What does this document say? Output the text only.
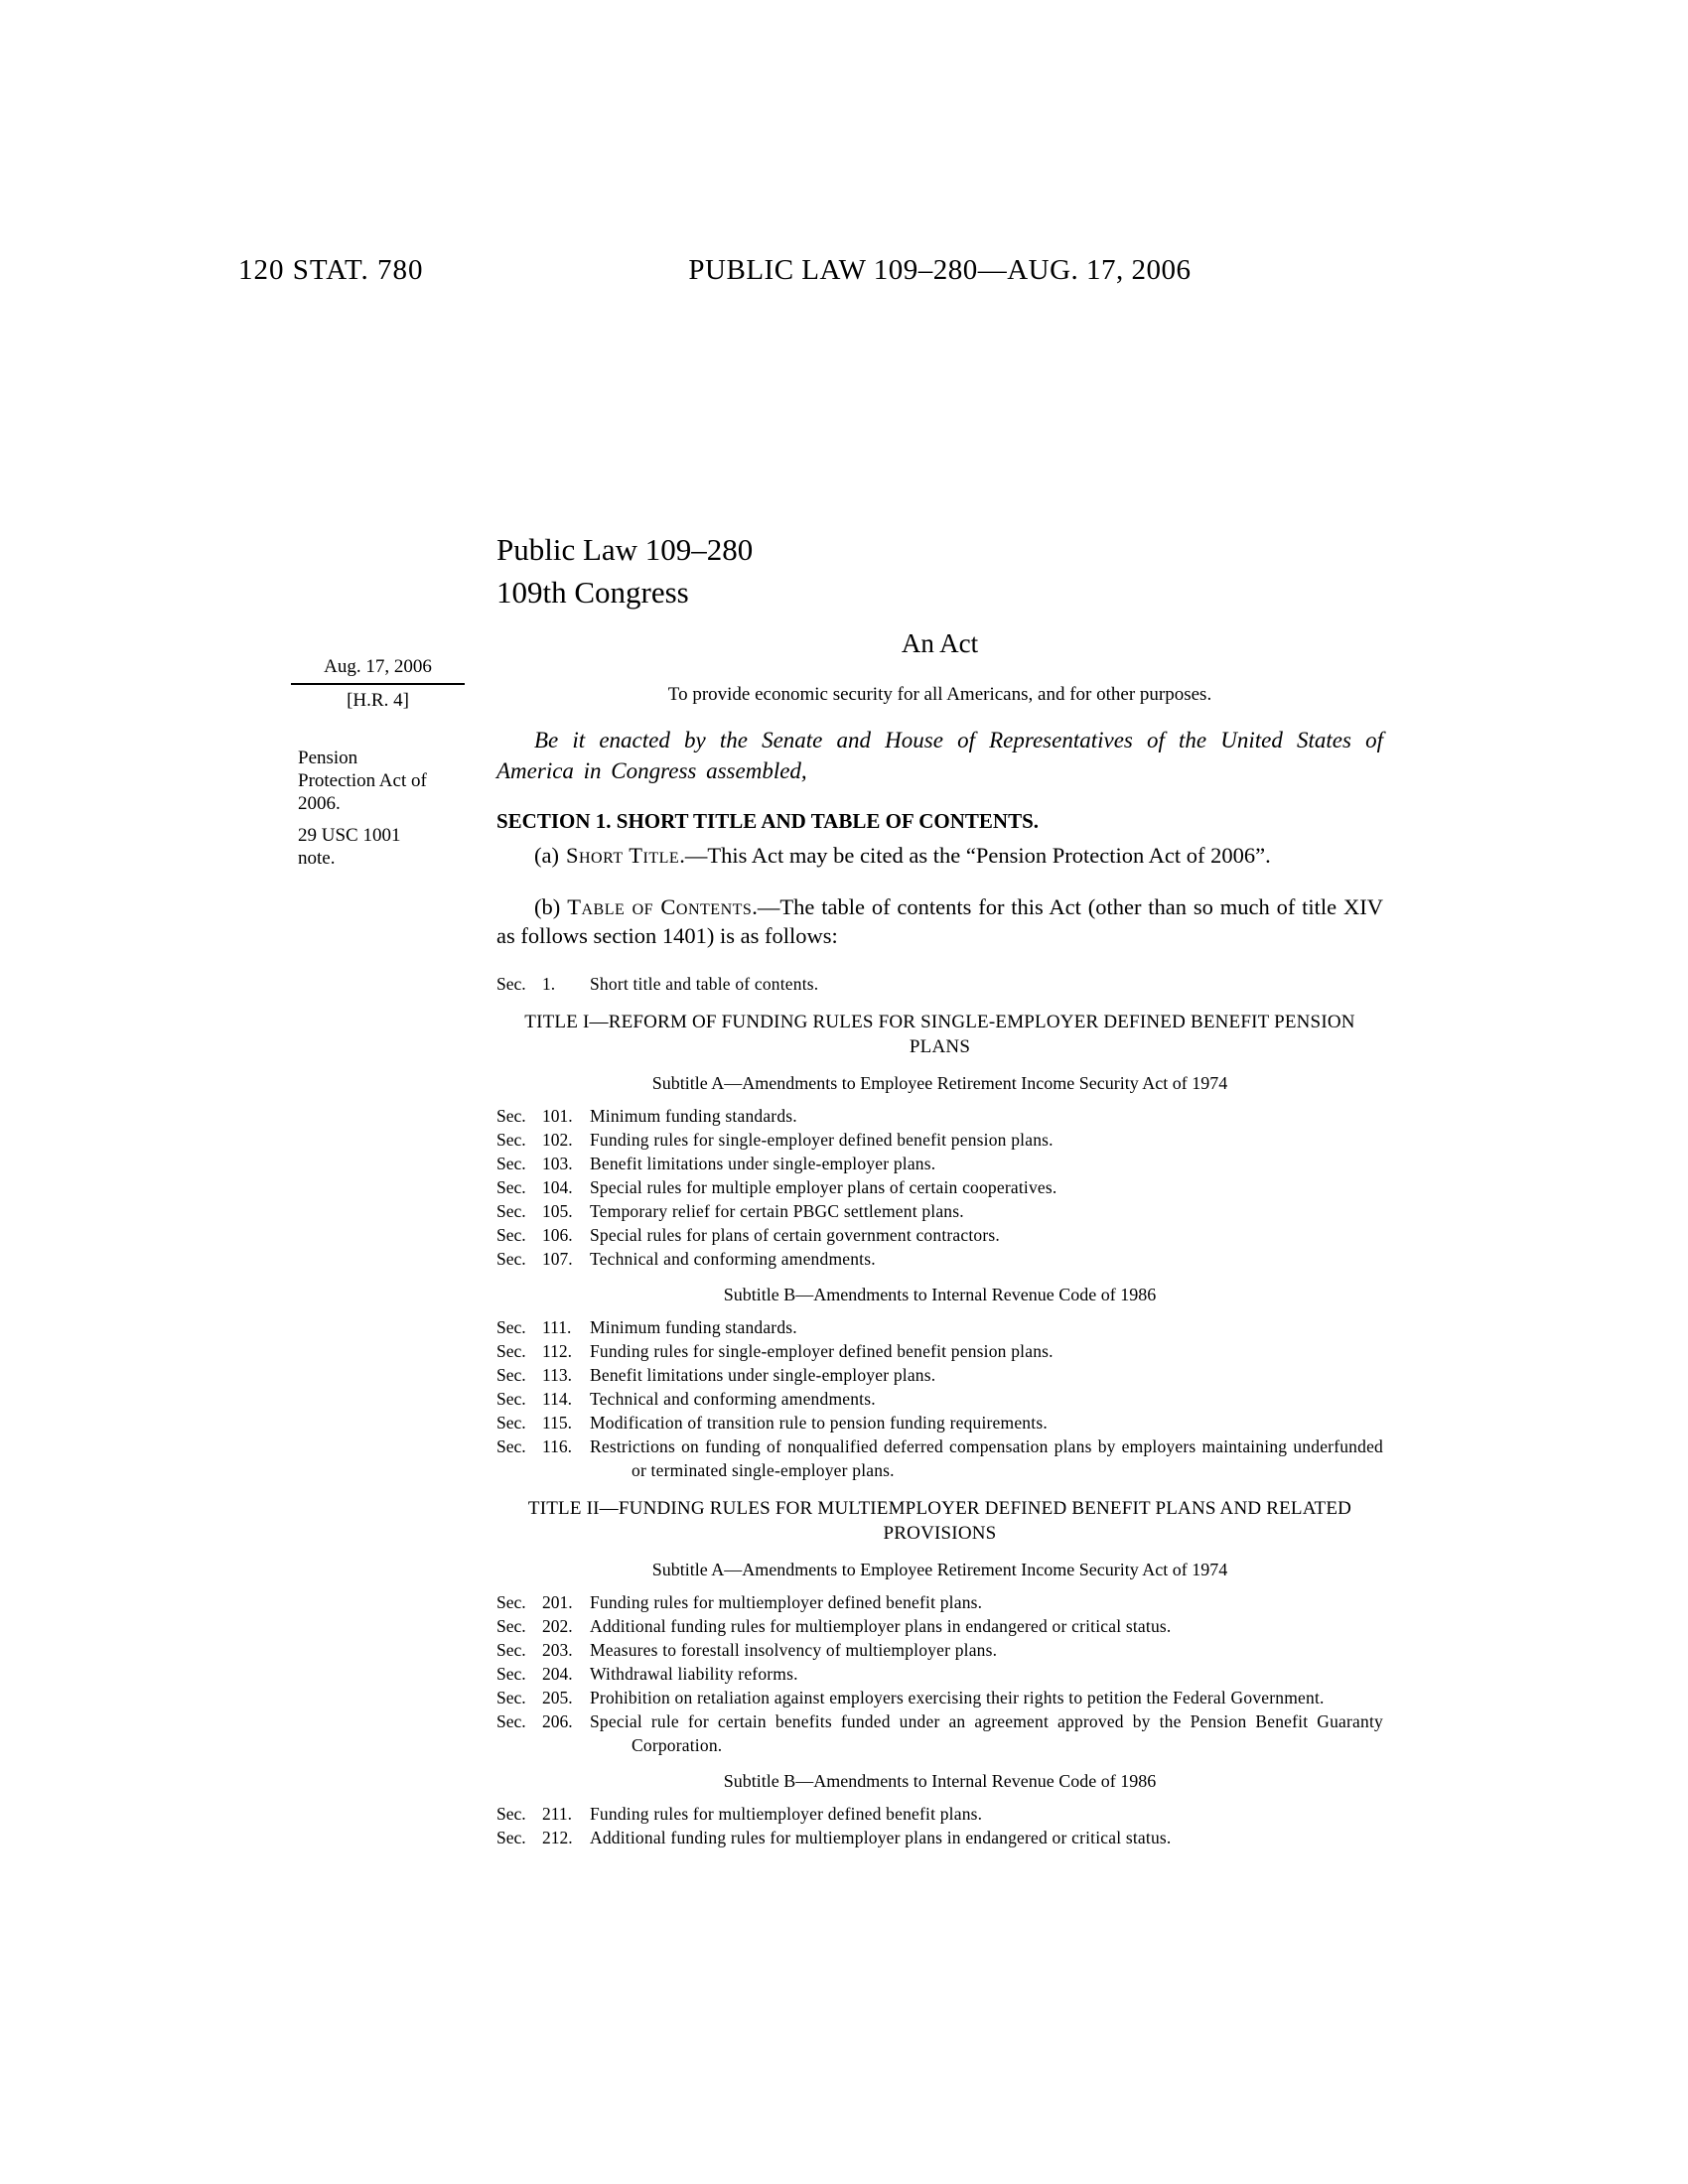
120 STAT. 780	PUBLIC LAW 109–280—AUG. 17, 2006
Aug. 17, 2006
[H.R. 4]
Pension Protection Act of 2006.
29 USC 1001 note.
Public Law 109–280
109th Congress
An Act
To provide economic security for all Americans, and for other purposes.

Be it enacted by the Senate and House of Representatives of the United States of America in Congress assembled,

SECTION 1. SHORT TITLE AND TABLE OF CONTENTS.

(a) Short Title.—This Act may be cited as the “Pension Protection Act of 2006”.

(b) Table of Contents.—The table of contents for this Act (other than so much of title XIV as follows section 1401) is as follows:

Sec. 1.	Short title and table of contents.
TITLE I—REFORM OF FUNDING RULES FOR SINGLE-EMPLOYER DEFINED BENEFIT PENSION PLANS
Subtitle A—Amendments to Employee Retirement Income Security Act of 1974
Sec. 101. Minimum funding standards.
Sec. 102. Funding rules for single-employer defined benefit pension plans.
Sec. 103. Benefit limitations under single-employer plans.
Sec. 104. Special rules for multiple employer plans of certain cooperatives.
Sec. 105. Temporary relief for certain PBGC settlement plans.
Sec. 106. Special rules for plans of certain government contractors.
Sec. 107. Technical and conforming amendments.
Subtitle B—Amendments to Internal Revenue Code of 1986
Sec. 111.	Minimum funding standards.
Sec. 112.	Funding rules for single-employer defined benefit pension plans.
Sec. 113.	Benefit limitations under single-employer plans.
Sec. 114.	Technical and conforming amendments.
Sec. 115.	Modification of transition rule to pension funding requirements.
Sec. 116.	Restrictions on funding of nonqualified deferred compensation plans by employers maintaining underfunded or terminated single-employer plans.
TITLE II—FUNDING RULES FOR MULTIEMPLOYER DEFINED BENEFIT PLANS AND RELATED PROVISIONS
Subtitle A—Amendments to Employee Retirement Income Security Act of 1974
Sec. 201. Funding rules for multiemployer defined benefit plans.
Sec. 202. Additional funding rules for multiemployer plans in endangered or critical status.
Sec. 203. Measures to forestall insolvency of multiemployer plans.
Sec. 204. Withdrawal liability reforms.
Sec. 205. Prohibition on retaliation against employers exercising their rights to petition the Federal Government.
Sec. 206. Special rule for certain benefits funded under an agreement approved by the Pension Benefit Guaranty Corporation.
Subtitle B—Amendments to Internal Revenue Code of 1986
Sec. 211.	Funding rules for multiemployer defined benefit plans.
Sec. 212. Additional funding rules for multiemployer plans in endangered or critical status.
